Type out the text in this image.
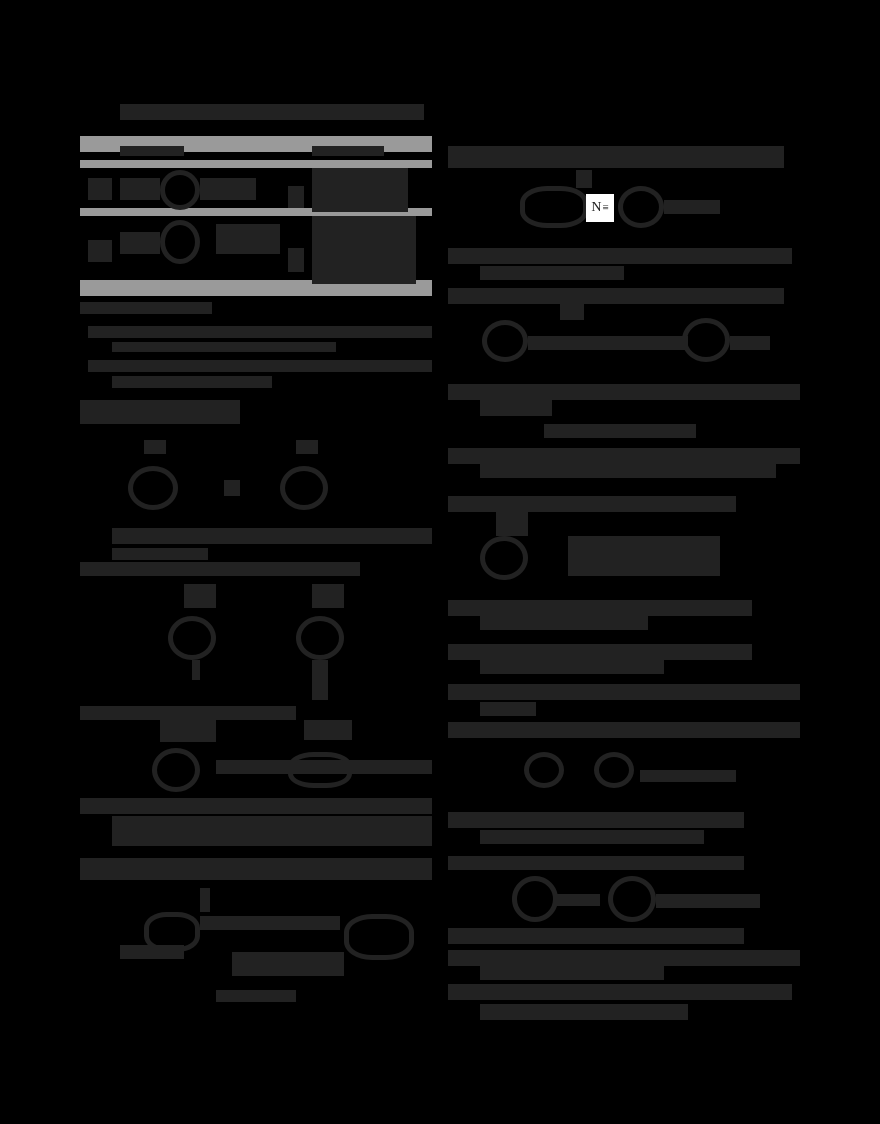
N ≡
